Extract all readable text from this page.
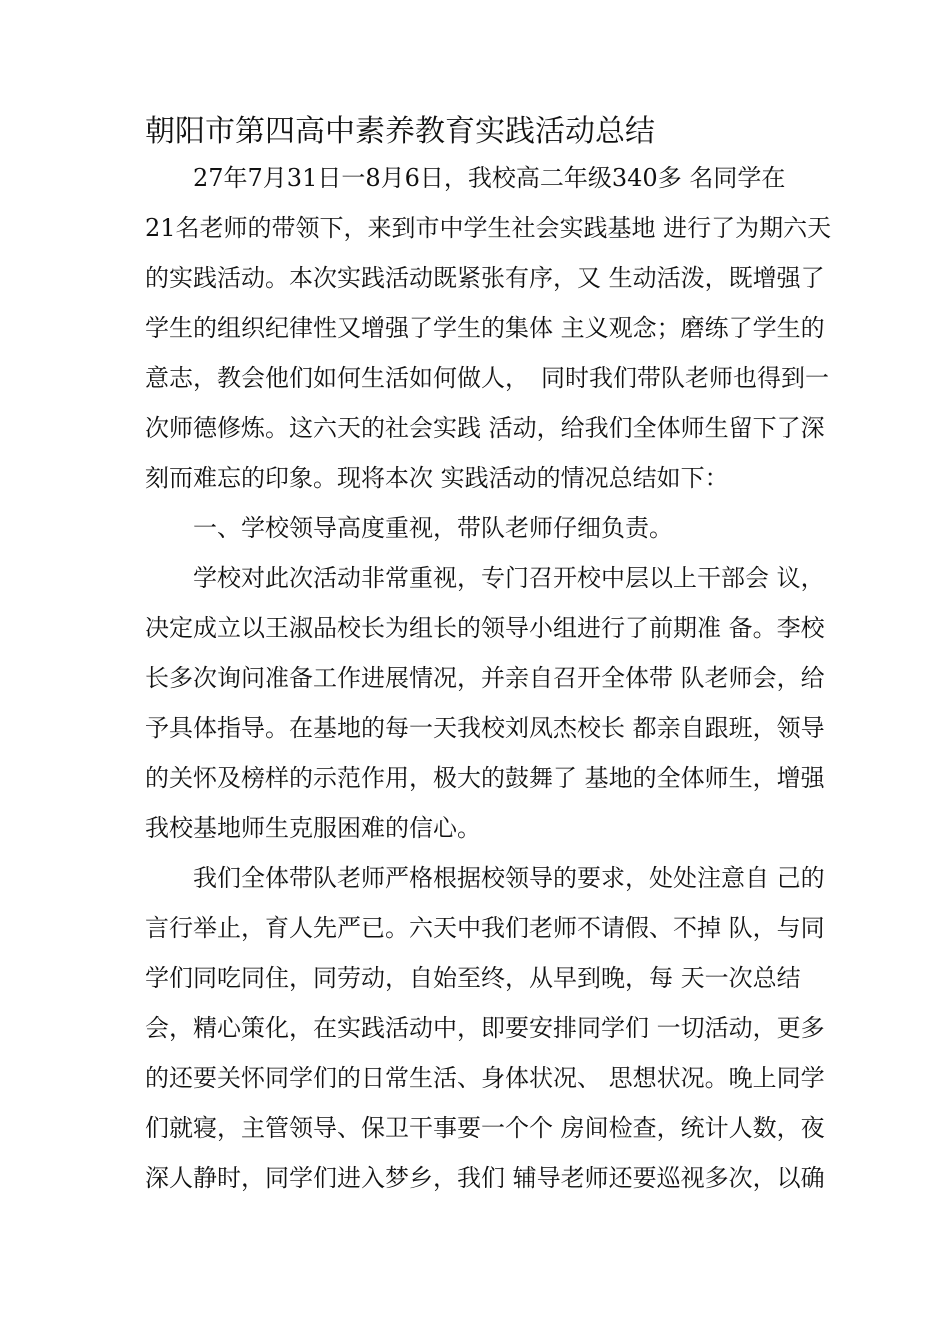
朝阳市第四高中素养教育实践活动总结
　　27年7月31日一8月6日，我校高二年级340多 名同学在
21名老师的带领下，来到市中学生社会实践基地 进行了为期六天
的实践活动。本次实践活动既紧张有序，又 生动活泼，既增强了
学生的组织纪律性又增强了学生的集体 主义观念；磨练了学生的
意志，教会他们如何生活如何做人，　同时我们带队老师也得到一
次师德修炼。这六天的社会实践 活动，给我们全体师生留下了深
刻而难忘的印象。现将本次 实践活动的情况总结如下：
　　一、学校领导高度重视，带队老师仔细负责。
　　学校对此次活动非常重视，专门召开校中层以上干部会 议，
决定成立以王淑品校长为组长的领导小组进行了前期准 备。李校
长多次询问准备工作进展情况，并亲自召开全体带 队老师会，给
予具体指导。在基地的每一天我校刘凤杰校长 都亲自跟班，领导
的关怀及榜样的示范作用，极大的鼓舞了 基地的全体师生，增强
我校基地师生克服困难的信心。
　　我们全体带队老师严格根据校领导的要求，处处注意自 己的
言行举止，育人先严已。六天中我们老师不请假、不掉 队，与同
学们同吃同住，同劳动，自始至终，从早到晚，每 天一次总结
会，精心策化，在实践活动中，即要安排同学们 一切活动，更多
的还要关怀同学们的日常生活、身体状况、 思想状况。晚上同学
们就寝，主管领导、保卫干事要一个个 房间检查，统计人数，夜
深人静时，同学们进入梦乡，我们 辅导老师还要巡视多次，以确
